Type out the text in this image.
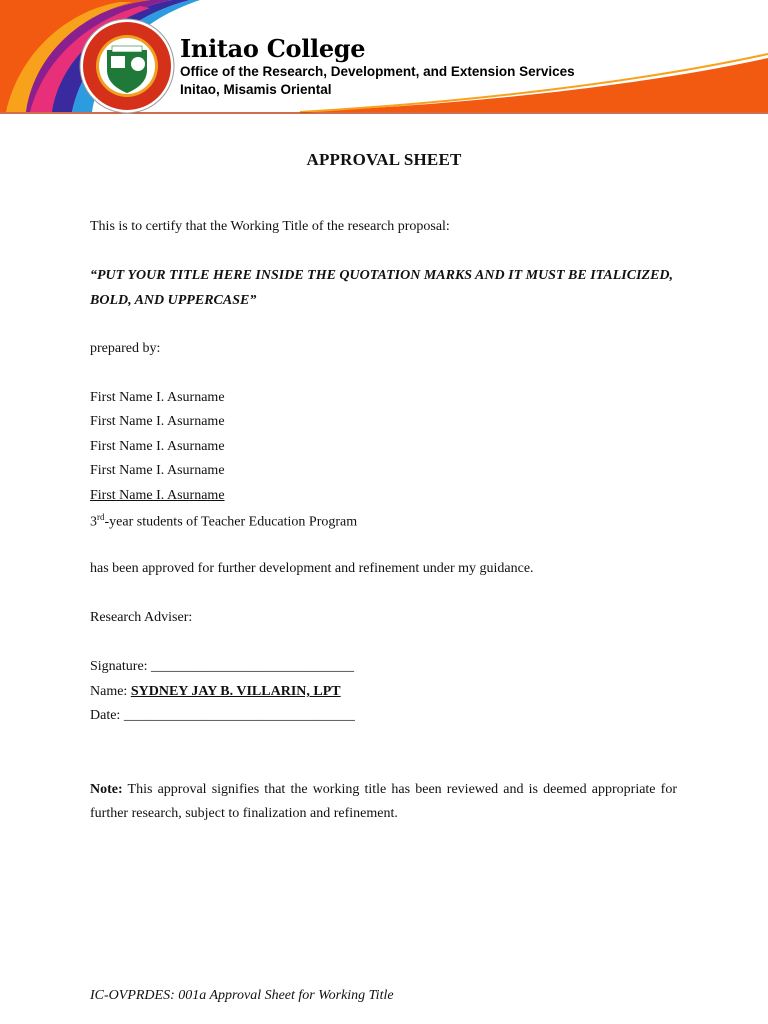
Initao College
Office of the Research, Development, and Extension Services
Initao, Misamis Oriental
APPROVAL SHEET

This is to certify that the Working Title of the research proposal:

“PUT YOUR TITLE HERE INSIDE THE QUOTATION MARKS AND IT MUST BE ITALICIZED, BOLD, AND UPPERCASE”

prepared by:

First Name I. Asurname

First Name I. Asurname

First Name I. Asurname

First Name I. Asurname

First Name I. Asurname

3rd-year students of Teacher Education Program

has been approved for further development and refinement under my guidance.

Research Adviser:

Signature: _____________________________

Name: SYDNEY JAY B. VILLARIN, LPT

Date: _________________________________

Note: This approval signifies that the working title has been reviewed and is deemed appropriate for further research, subject to finalization and refinement.

IC-OVPRDES: 001a Approval Sheet for Working Title
